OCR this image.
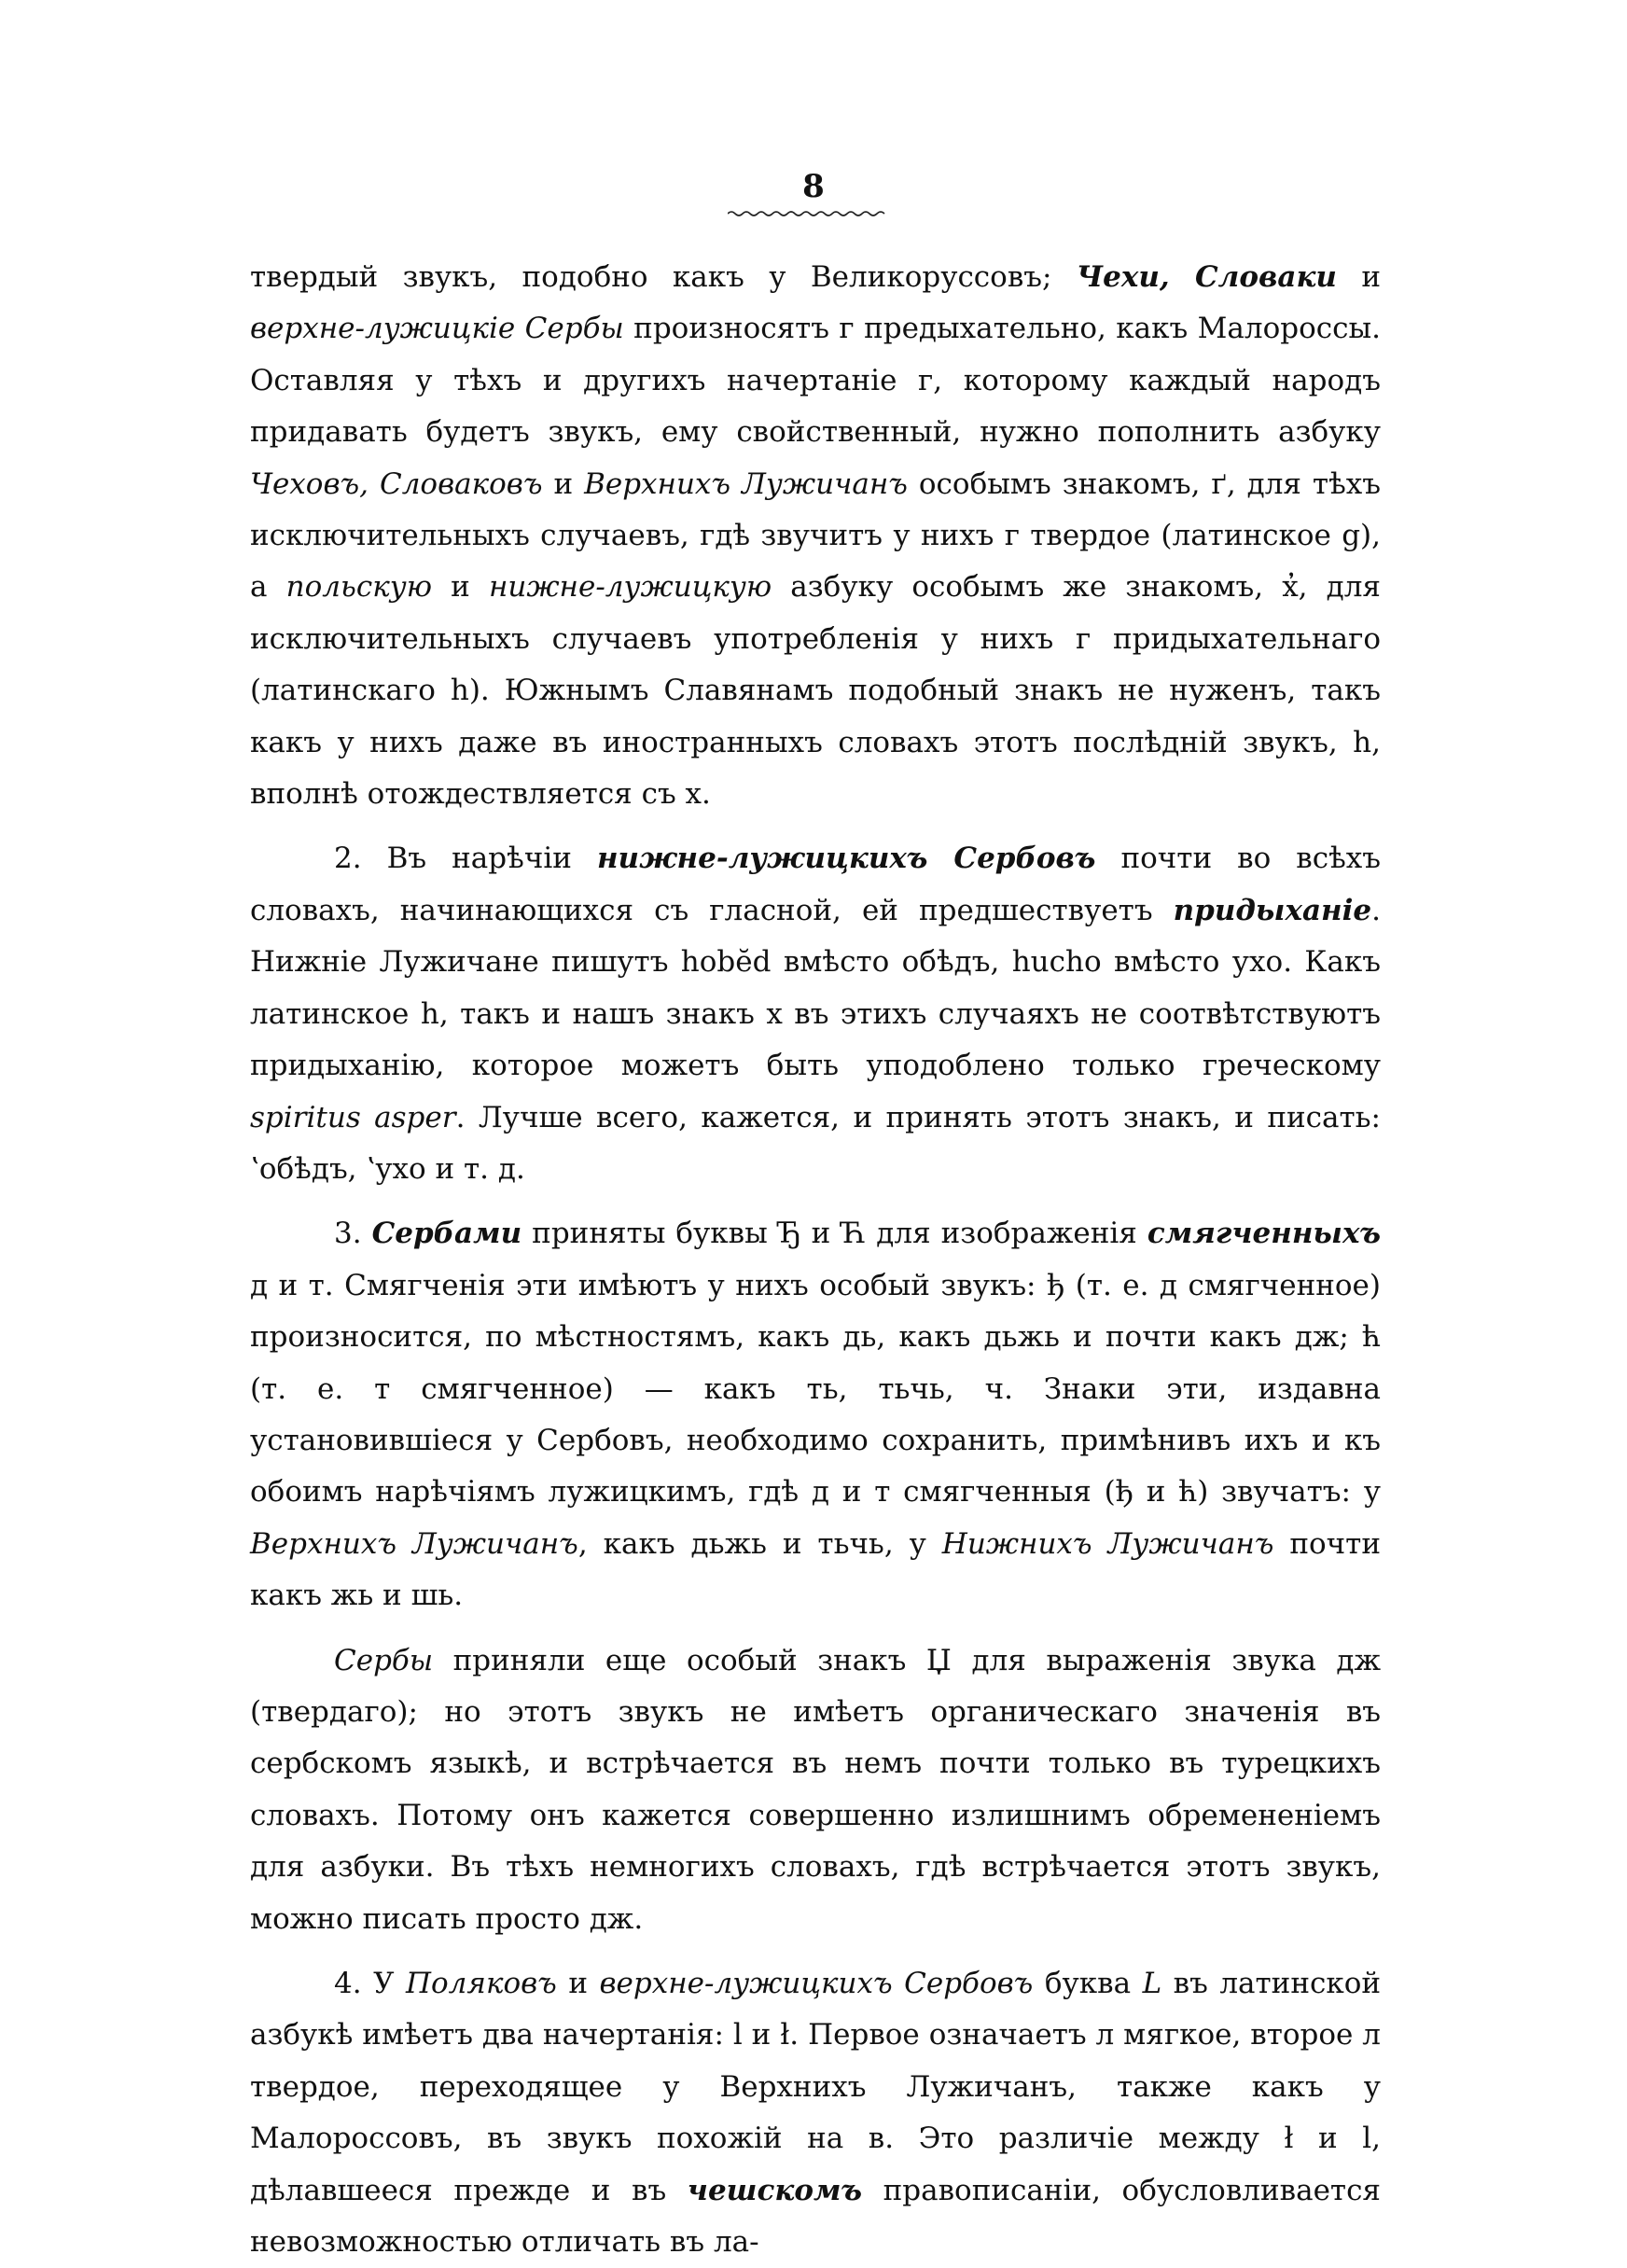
8

твердый звукъ, подобно какъ у Великоруссовъ; Чехи, Словаки и верхне-лужицкіе Сербы произносятъ г предыхательно, какъ Малороссы. Оставляя у тѣхъ и другихъ начертаніе г, которому каждый народъ придавать будетъ звукъ, ему свойственный, нужно пополнить азбуку Чеховъ, Словаковъ и Верхнихъ Лужичанъ особымъ знакомъ, ґ, для тѣхъ исключительныхъ случаевъ, гдѣ звучитъ у нихъ г твердое (латинское g), а польскую и нижне-лужицкую азбуку особымъ же знакомъ, х̓, для исключительныхъ случаевъ употребленія у нихъ г придыхательнаго (латинскаго h). Южнымъ Славянамъ подобный знакъ не нуженъ, такъ какъ у нихъ даже въ иностранныхъ словахъ этотъ послѣдній звукъ, h, вполнѣ отождествляется съ х.

2. Въ нарѣчіи нижне-лужицкихъ Сербовъ почти во всѣхъ словахъ, начинающихся съ гласной, ей предшествуетъ придыханіе. Нижніе Лужичане пишутъ hobĕd вмѣсто обѣдъ, hucho вмѣсто ухо. Какъ латинское h, такъ и нашъ знакъ х въ этихъ случаяхъ не соотвѣтствуютъ придыханію, которое можетъ быть уподоблено только греческому spiritus asper. Лучше всего, кажется, и принять этотъ знакъ, и писать: ʽобѣдъ, ʽухо и т. д.

3. Сербами приняты буквы Ђ и Ћ для изображенія смягченныхъ д и т. Смягченія эти имѣютъ у нихъ особый звукъ: ђ (т. е. д смягченное) произносится, по мѣстностямъ, какъ дь, какъ дьжь и почти какъ дж; ћ (т. е. т смягченное) — какъ ть, тьчь, ч. Знаки эти, издавна установившіеся у Сербовъ, необходимо сохранить, примѣнивъ ихъ и къ обоимъ нарѣчіямъ лужицкимъ, гдѣ д и т смягченныя (ђ и ћ) звучатъ: у Верхнихъ Лужичанъ, какъ дьжь и тьчь, у Нижнихъ Лужичанъ почти какъ жь и шь.

Сербы приняли еще особый знакъ Џ для выраженія звука дж (твердаго); но этотъ звукъ не имѣетъ органическаго значенія въ сербскомъ языкѣ, и встрѣчается въ немъ почти только въ турецкихъ словахъ. Потому онъ кажется совершенно излишнимъ обремененіемъ для азбуки. Въ тѣхъ немногихъ словахъ, гдѣ встрѣчается этотъ звукъ, можно писать просто дж.

4. У Поляковъ и верхне-лужицкихъ Сербовъ буква L въ латинской азбукѣ имѣетъ два начертанія: l и ł. Первое означаетъ л мягкое, второе л твердое, переходящее у Верхнихъ Лужичанъ, также какъ у Малороссовъ, въ звукъ похожій на в. Это различіе между ł и l, дѣлавшееся прежде и въ чешскомъ правописаніи, обусловливается невозможностью отличать въ ла-
